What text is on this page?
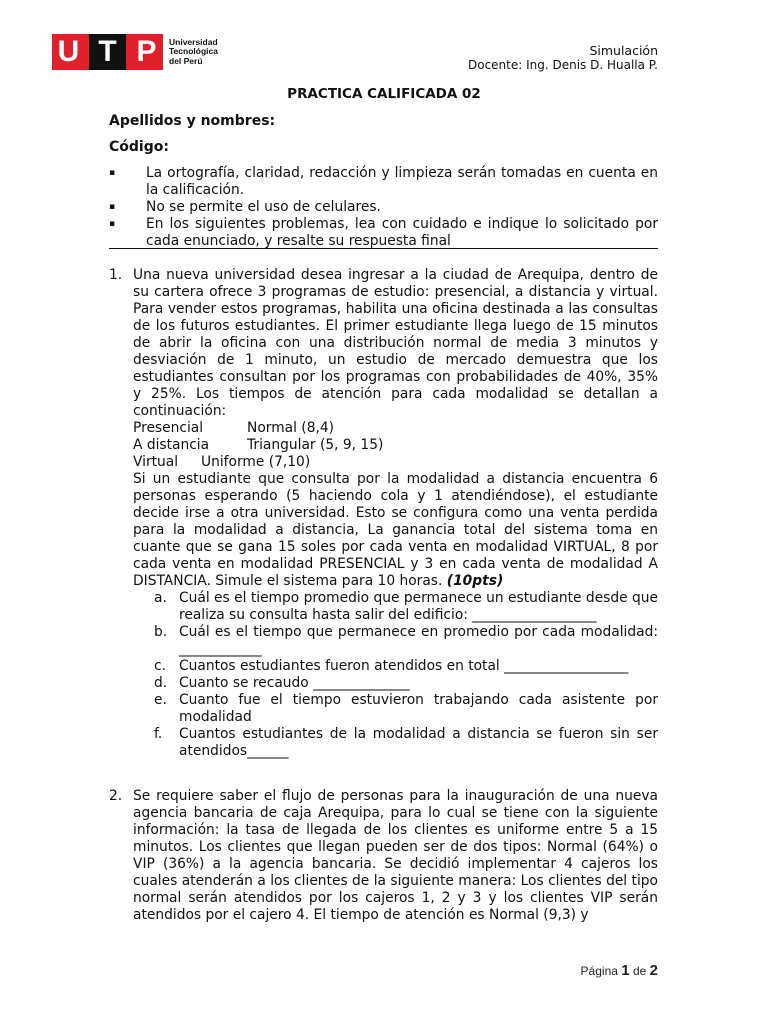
U T P	Universidad
Tecnológica
del Perú
Simulación
Docente: Ing. Denis D. Hualla P.
PRACTICA CALIFICADA 02
Apellidos y nombres:
Código:
▪ La ortografía, claridad, redacción y limpieza serán tomadas en cuenta en la calificación.
▪ No se permite el uso de celulares.
▪ En los siguientes problemas, lea con cuidado e indique lo solicitado por cada enunciado, y resalte su respuesta final
1. Una nueva universidad desea ingresar a la ciudad de Arequipa, dentro de su cartera ofrece 3 programas de estudio: presencial, a distancia y virtual. Para vender estos programas, habilita una oficina destinada a las consultas de los futuros estudiantes. El primer estudiante llega luego de 15 minutos de abrir la oficina con una distribución normal de media 3 minutos y desviación de 1 minuto, un estudio de mercado demuestra que los estudiantes consultan por los programas con probabilidades de 40%, 35% y 25%. Los tiempos de atención para cada modalidad se detallan a continuación:
Presencial	Normal (8,4)
A distancia	Triangular (5, 9, 15)
Virtual Uniforme (7,10)
Si un estudiante que consulta por la modalidad a distancia encuentra 6 personas esperando (5 haciendo cola y 1 atendiéndose), el estudiante decide irse a otra universidad. Esto se configura como una venta perdida para la modalidad a distancia, La ganancia total del sistema toma en cuante que se gana 15 soles por cada venta en modalidad VIRTUAL, 8 por cada venta en modalidad PRESENCIAL y 3 en cada venta de modalidad A DISTANCIA. Simule el sistema para 10 horas. (10pts)
a. Cuál es el tiempo promedio que permanece un estudiante desde que realiza su consulta hasta salir del edificio: __________________
b. Cuál es el tiempo que permanece en promedio por cada modalidad: ____________
c. Cuantos estudiantes fueron atendidos en total __________________
d. Cuanto se recaudo ______________
e. Cuanto fue el tiempo estuvieron trabajando cada asistente por modalidad
f. Cuantos estudiantes de la modalidad a distancia se fueron sin ser atendidos______
2. Se requiere saber el flujo de personas para la inauguración de una nueva agencia bancaria de caja Arequipa, para lo cual se tiene con la siguiente información: la tasa de llegada de los clientes es uniforme entre 5 a 15 minutos. Los clientes que llegan pueden ser de dos tipos: Normal (64%) o VIP (36%) a la agencia bancaria. Se decidió implementar 4 cajeros los cuales atenderán a los clientes de la siguiente manera: Los clientes del tipo normal serán atendidos por los cajeros 1, 2 y 3 y los clientes VIP serán atendidos por el cajero 4. El tiempo de atención es Normal (9,3) y
Página 1 de 2
